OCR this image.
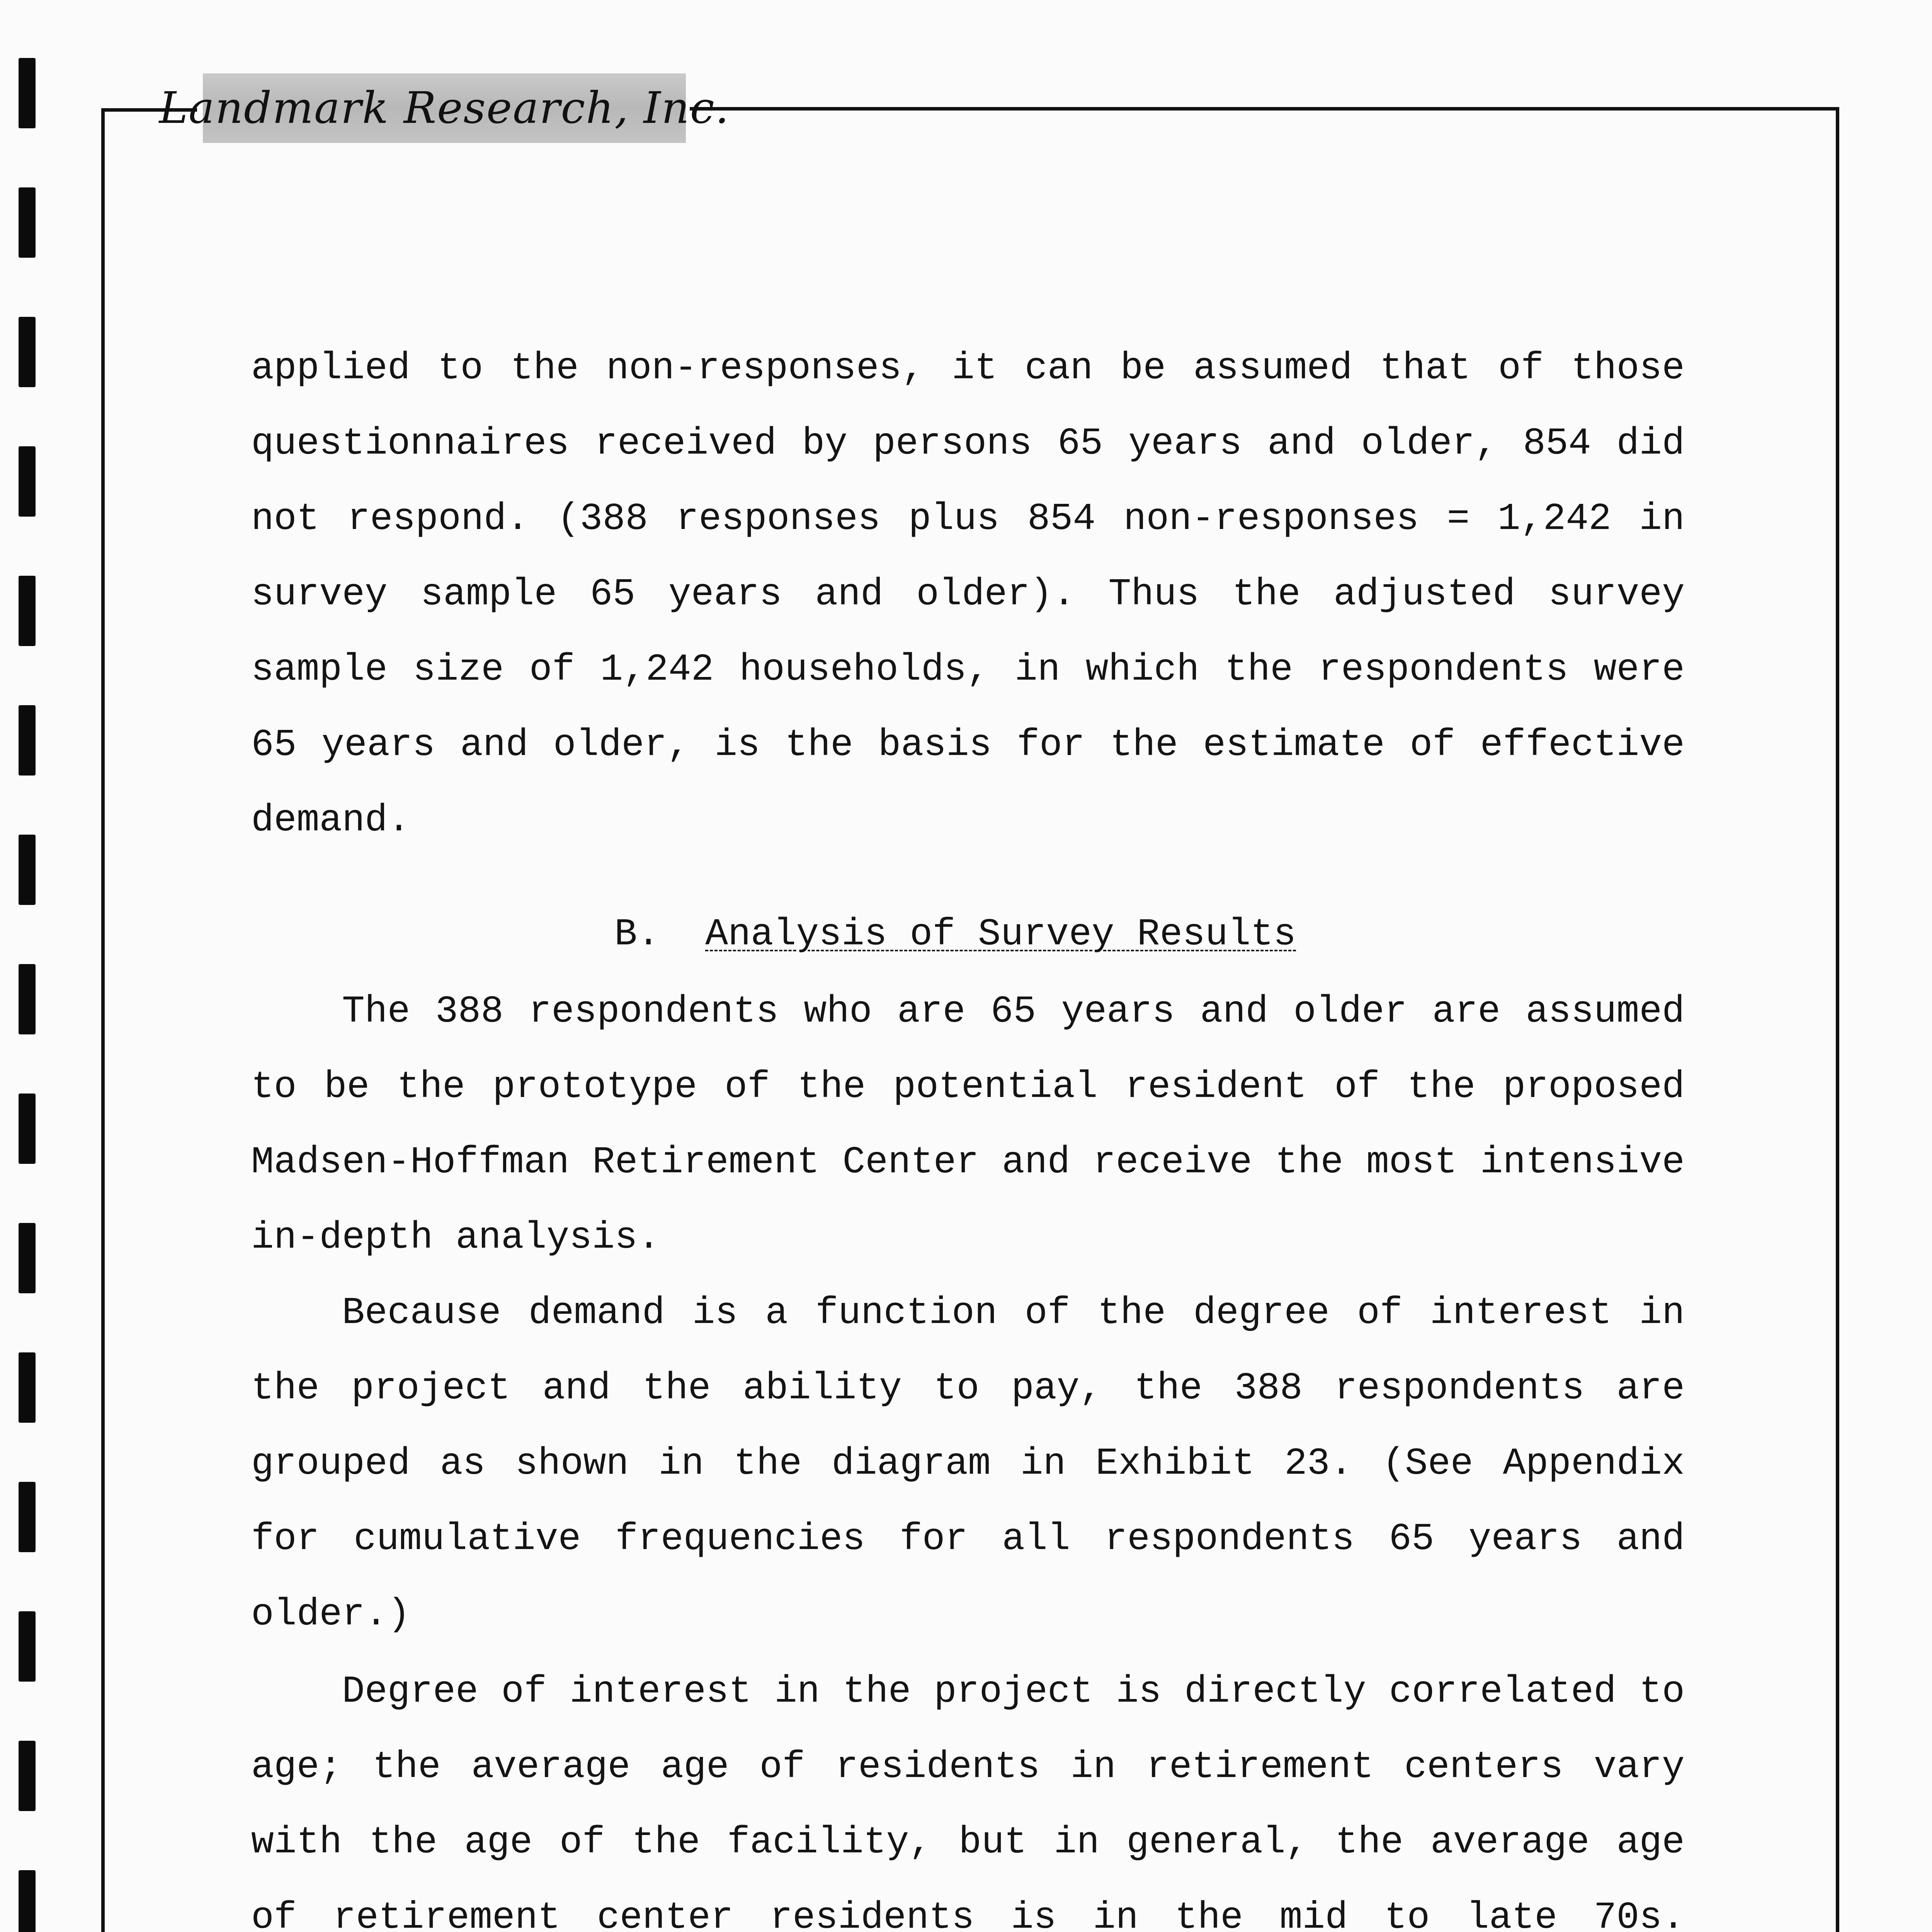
Landmark Research, Inc.
applied to the non-responses, it can be assumed that of those
questionnaires received by persons 65 years and older, 854 did
not respond. (388 responses plus 854 non-responses = 1,242 in
survey sample 65 years and older). Thus the adjusted survey
sample size of 1,242 households, in which the respondents were
65 years and older, is the basis for the estimate of effective
demand.
B. Analysis of Survey Results
The 388 respondents who are 65 years and older are assumed
to be the prototype of the potential resident of the proposed
Madsen-Hoffman Retirement Center and receive the most intensive
in-depth analysis.
Because demand is a function of the degree of interest in
the project and the ability to pay, the 388 respondents are
grouped as shown in the diagram in Exhibit 23. (See Appendix
for cumulative frequencies for all respondents 65 years and
older.)
Degree of interest in the project is directly correlated to
age; the average age of residents in retirement centers vary
with the age of the facility, but in general, the average age
of retirement center residents is in the mid to late 70s.
